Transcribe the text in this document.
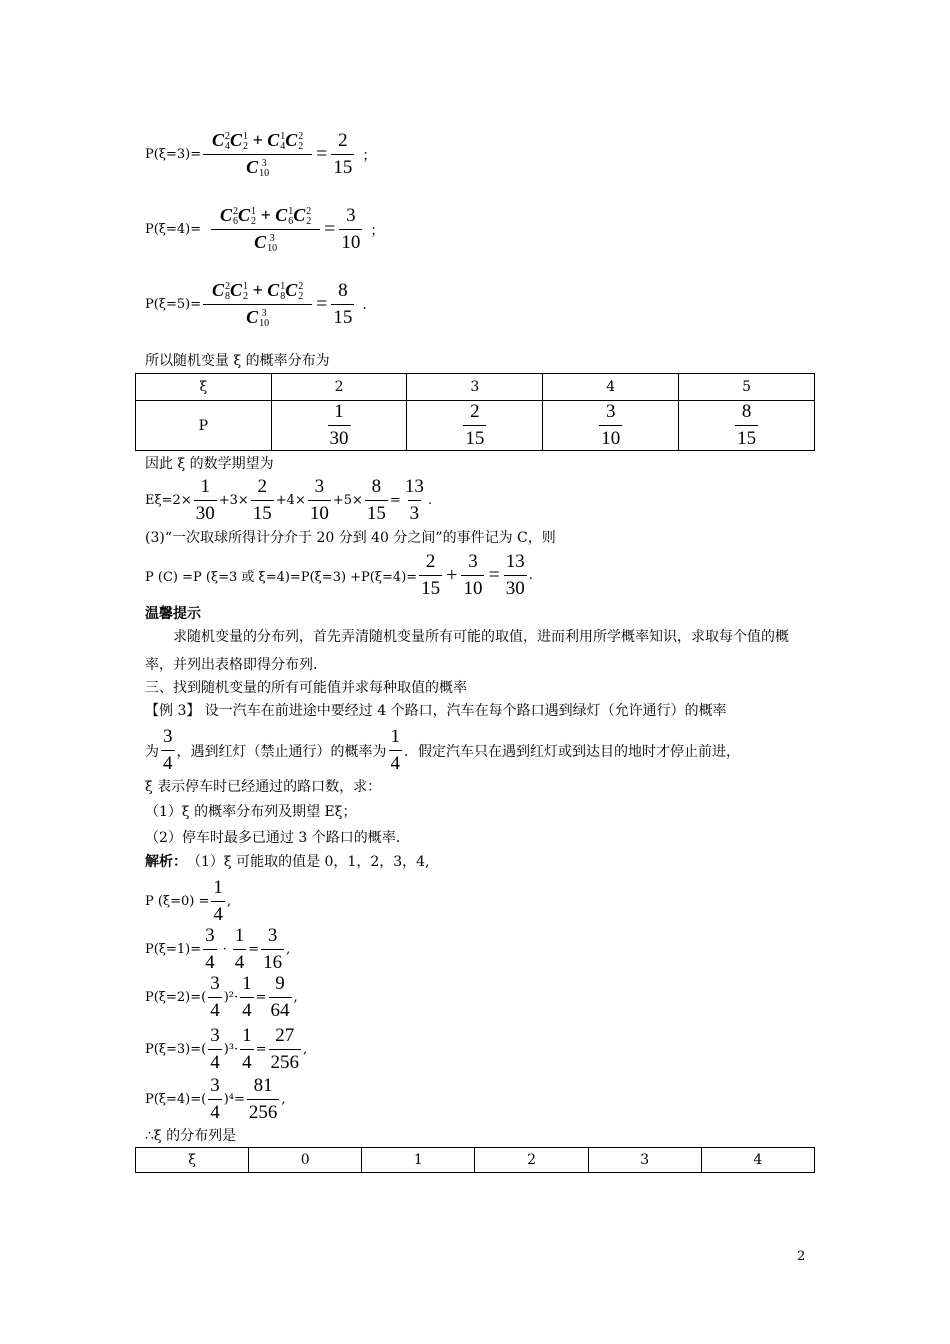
P(ξ=3)= C 2
4 C 1
2 + C 1
4 C 2
2
C 3
$10 = \frac{2}{15}$ ；
P(ξ=4)= C 2
6 C 1
2 + C 1
6 C 2
2
C 3
$10 = \frac{3}{10}$ ；
P(ξ=5)= C 2
8 C 1
2 + C 1
8 C 2
2
C 3
$10 = \frac{8}{15}$ .
所以随机变量 ξ 的概率分布为
ξ	2	3	4	5
P	$\frac{1}{30}$	$\frac{2}{15}$	$\frac{3}{10}$	$\frac{8}{15}$
因此 ξ 的数学期望为
$E\xi=2\times \frac{1}{30} +3\times \frac{2}{15} +4\times \frac{3}{10} +5\times \frac{8}{15} = \frac{13}{3}$ .
(3)“一次取球所得计分介于 20 分到 40 分之间”的事件记为 C，则
P (C) =P (ξ=3 或 $\xi=4)=P(\xi=3) +P(\xi=4)= \frac{2}{15} + \frac{3}{10} = \frac{13}{30}$ .
温馨提示
求随机变量的分布列，首先弄清随机变量所有可能的取值，进而利用所学概率知识，求取每个值的概率，并列出表格即得分布列.
三、找到随机变量的所有可能值并求每种取值的概率
【例 3】 设一汽车在前进途中要经过 4 个路口，汽车在每个路口遇到绿灯（允许通行）的概率
为 $\frac{3}{4}$ ，遇到红灯（禁止通行）的概率为 $\frac{1}{4}$ ．假定汽车只在遇到红灯或到达目的地时才停止前进，
ξ 表示停车时已经通过的路口数，求：
（1）ξ 的概率分布列及期望 Eξ；
（2）停车时最多已通过 3 个路口的概率.
解析： （1）ξ 可能取的值是 0，1，2，3，4,
P $(\xi=0) = \frac{1}{4}$ ,
$P(\xi=1)= \frac{3}{4} \cdot \frac{1}{4} = \frac{3}{16}$ ,
$P(\xi=2)=( \frac{3}{4} )^2\cdot \frac{1}{4} = \frac{9}{64}$ ,
$P(\xi=3)=( \frac{3}{4} )^3\cdot \frac{1}{4} = \frac{27}{256}$ ,
$P(\xi=4)=( \frac{3}{4} )^4= \frac{81}{256}$ ,
∴ξ 的分布列是
ξ	0	1	2	3	4
2
